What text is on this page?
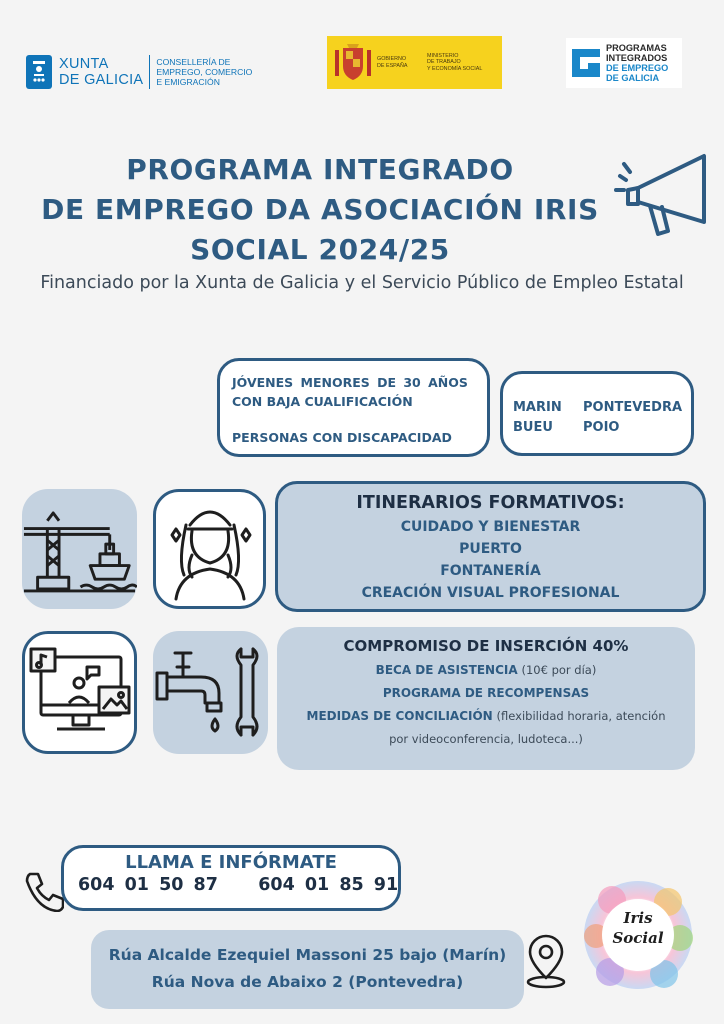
XUNTA
DE GALICIA
CONSELLERÍA DE
EMPREGO, COMERCIO
E EMIGRACIÓN
GOBIERNO
DE ESPAÑA
MINISTERIO
DE TRABAJO
Y ECONOMÍA SOCIAL
PROGRAMAS
INTEGRADOS
DE EMPREGO
DE GALICIA
PROGRAMA INTEGRADO
DE EMPREGO DA ASOCIACIÓN IRIS
SOCIAL 2024/25
Financiado por la Xunta de Galicia y el Servicio Público de Empleo Estatal
JÓVENES MENORES DE 30 AÑOS
CON BAJA CUALIFICACIÓN
PERSONAS CON DISCAPACIDAD
MARIN	PONTEVEDRA
BUEU	POIO
ITINERARIOS FORMATIVOS:
CUIDADO Y BIENESTAR
PUERTO
FONTANERÍA
CREACIÓN VISUAL PROFESIONAL
COMPROMISO DE INSERCIÓN 40%
BECA DE ASISTENCIA (10€ por día)
PROGRAMA DE RECOMPENSAS
MEDIDAS DE CONCILIACIÓN (flexibilidad horaria, atención
por videoconferencia, ludoteca...)
LLAMA E INFÓRMATE
604 01 50 87 604 01 85 91
Rúa Alcalde Ezequiel Massoni 25 bajo (Marín)
Rúa Nova de Abaixo 2 (Pontevedra)
Iris
Social
